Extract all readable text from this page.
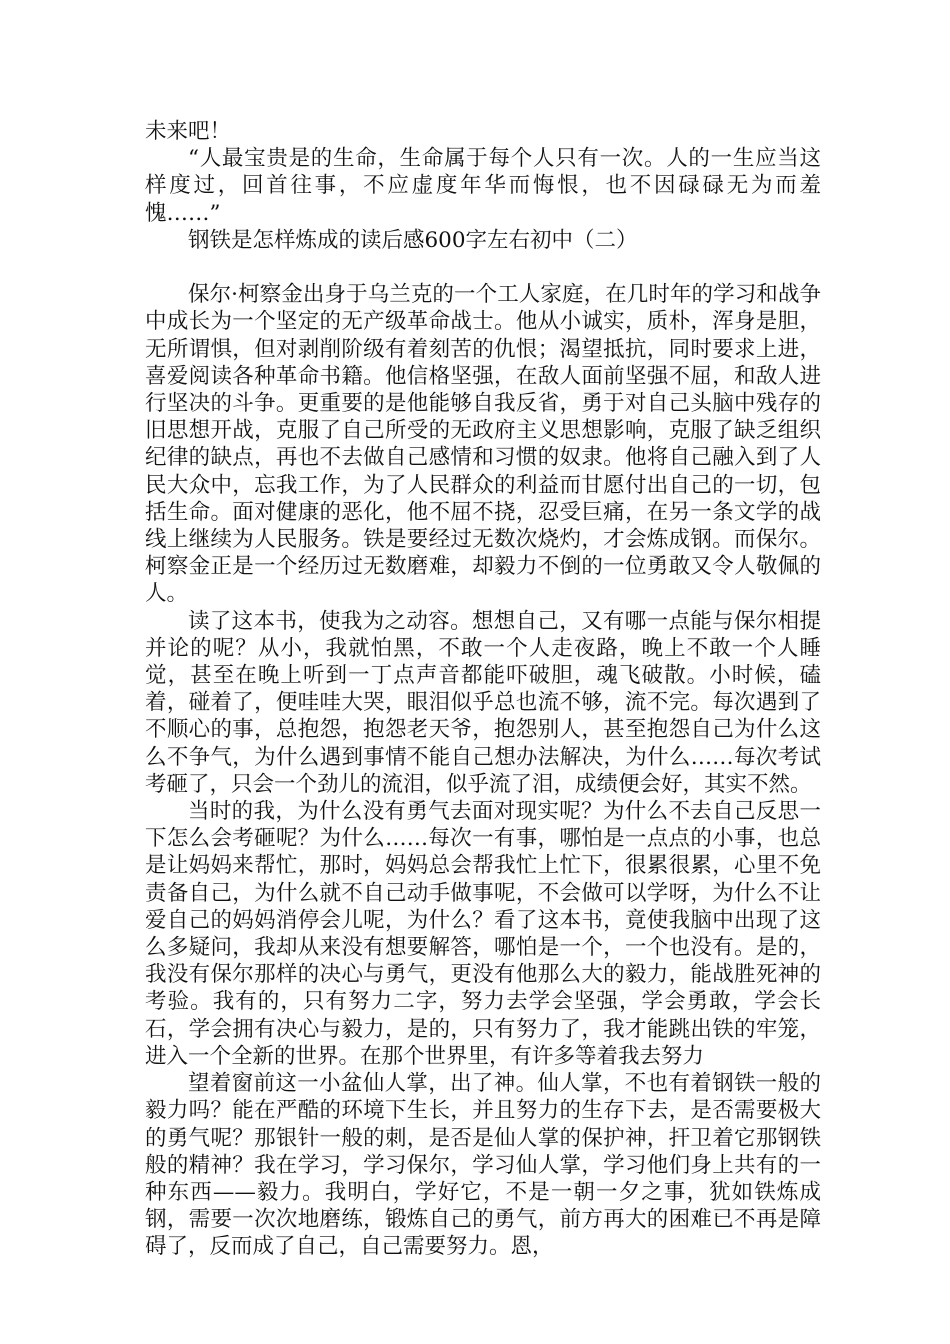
未来吧！

“人最宝贵是的生命，生命属于每个人只有一次。人的一生应当这样度过，回首往事，不应虚度年华而悔恨，也不因碌碌无为而羞愧……”

钢铁是怎样炼成的读后感600字左右初中（二）

保尔·柯察金出身于乌兰克的一个工人家庭，在几时年的学习和战争中成长为一个坚定的无产级革命战士。他从小诚实，质朴，浑身是胆，无所谓惧，但对剥削阶级有着刻苦的仇恨；渴望抵抗，同时要求上进，喜爱阅读各种革命书籍。他信格坚强，在敌人面前坚强不屈，和敌人进行坚决的斗争。更重要的是他能够自我反省，勇于对自己头脑中残存的旧思想开战，克服了自己所受的无政府主义思想影响，克服了缺乏组织纪律的缺点，再也不去做自己感情和习惯的奴隶。他将自己融入到了人民大众中，忘我工作，为了人民群众的利益而甘愿付出自己的一切，包括生命。面对健康的恶化，他不屈不挠，忍受巨痛，在另一条文学的战线上继续为人民服务。铁是要经过无数次烧灼，才会炼成钢。而保尔。柯察金正是一个经历过无数磨难，却毅力不倒的一位勇敢又令人敬佩的人。

读了这本书，使我为之动容。想想自己，又有哪一点能与保尔相提并论的呢？从小，我就怕黑，不敢一个人走夜路，晚上不敢一个人睡觉，甚至在晚上听到一丁点声音都能吓破胆，魂飞破散。小时候，磕着，碰着了，便哇哇大哭，眼泪似乎总也流不够，流不完。每次遇到了不顺心的事，总抱怨，抱怨老天爷，抱怨别人，甚至抱怨自己为什么这么不争气，为什么遇到事情不能自己想办法解决，为什么……每次考试考砸了，只会一个劲儿的流泪，似乎流了泪，成绩便会好，其实不然。

当时的我，为什么没有勇气去面对现实呢？为什么不去自己反思一下怎么会考砸呢？为什么……每次一有事，哪怕是一点点的小事，也总是让妈妈来帮忙，那时，妈妈总会帮我忙上忙下，很累很累，心里不免责备自己，为什么就不自己动手做事呢，不会做可以学呀，为什么不让爱自己的妈妈消停会儿呢，为什么？看了这本书，竟使我脑中出现了这么多疑问，我却从来没有想要解答，哪怕是一个，一个也没有。是的，我没有保尔那样的决心与勇气，更没有他那么大的毅力，能战胜死神的考验。我有的，只有努力二字，努力去学会坚强，学会勇敢，学会长石，学会拥有决心与毅力，是的，只有努力了，我才能跳出铁的牢笼，进入一个全新的世界。在那个世界里，有许多等着我去努力

望着窗前这一小盆仙人掌，出了神。仙人掌，不也有着钢铁一般的毅力吗？能在严酷的环境下生长，并且努力的生存下去，是否需要极大的勇气呢？那银针一般的刺，是否是仙人掌的保护神，扞卫着它那钢铁般的精神？我在学习，学习保尔，学习仙人掌，学习他们身上共有的一种东西——毅力。我明白，学好它，不是一朝一夕之事，犹如铁炼成钢，需要一次次地磨练，锻炼自己的勇气，前方再大的困难已不再是障碍了，反而成了自己，自己需要努力。恩，
